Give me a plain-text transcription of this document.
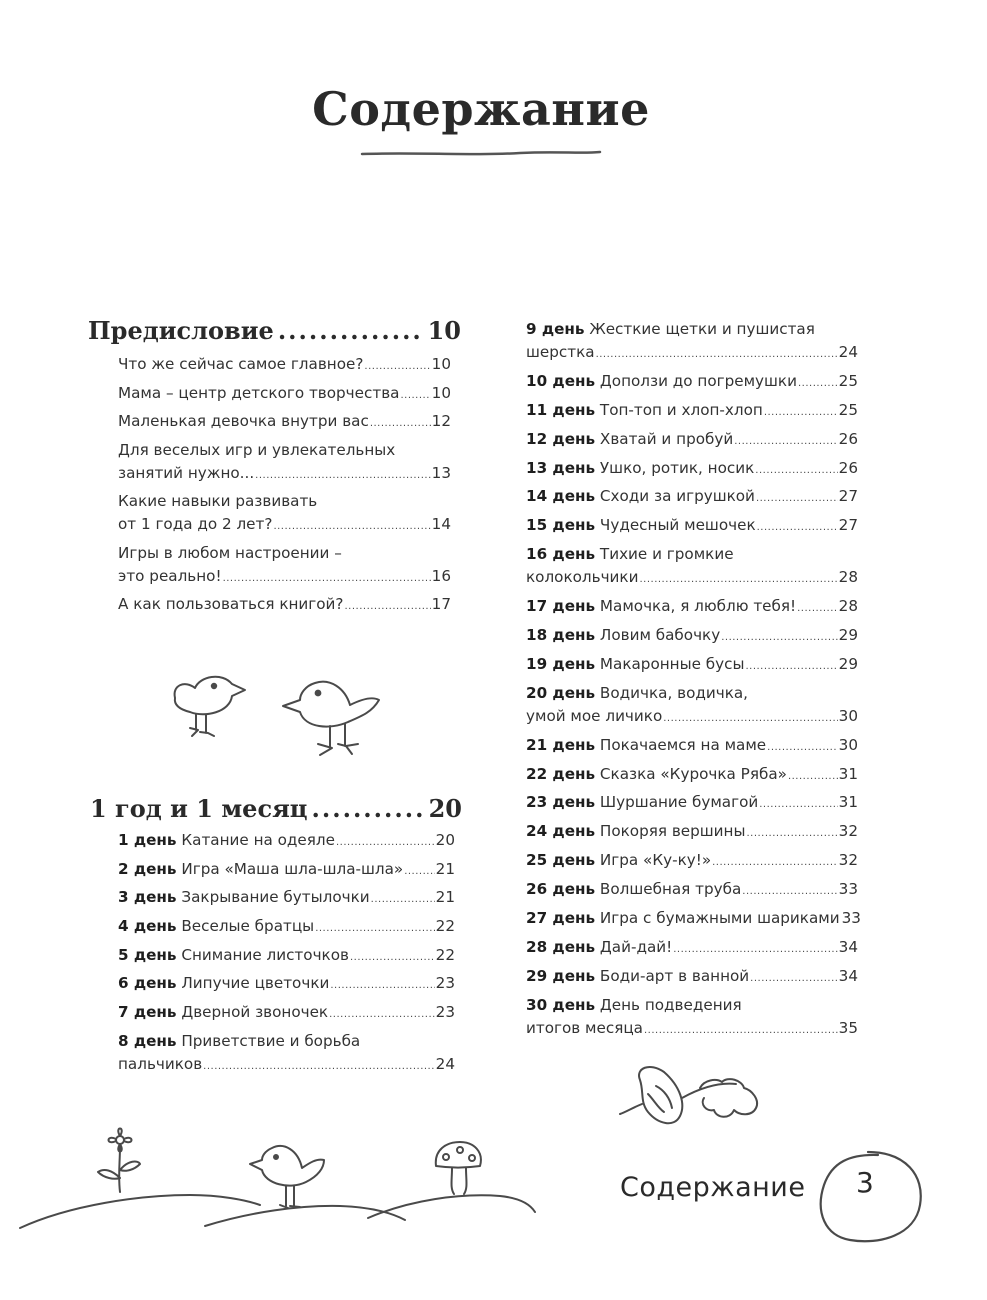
Содержание
Предисловие .....	10
Что же сейчас самое главное? .....	10
Мама – центр детского творчества ..... 10
Маленькая девочка внутри вас .....	12
Для веселых игр и увлекательных
занятий нужно... .....	13
Какие навыки развивать
от 1 года до 2 лет? .....	14
Игры в любом настроении –
это реально! .....	16
А как пользоваться книгой? .....	17
1 год и 1 месяц .....	20
1 день Катание на одеяле .....	20
2 день Игра «Маша шла-шла-шла» ..... 21
3 день Закрывание бутылочки .....	21
4 день Веселые братцы .....	22
5 день Снимание листочков .....	22
6 день Липучие цветочки .....	23
7 день Дверной звоночек .....	23
8 день Приветствие и борьба
пальчиков .....	24
9 день Жесткие щетки и пушистая
шерстка .....	24
10 день Доползи до погремушки .....	25
11 день Топ-топ и хлоп-хлоп .....	25
12 день Хватай и пробуй .....	26
13 день Ушко, ротик, носик .....	26
14 день Сходи за игрушкой .....	27
15 день Чудесный мешочек .....	27
16 день Тихие и громкие
колокольчики .....	28
17 день Мамочка, я люблю тебя! .....	28
18 день Ловим бабочку .....	29
19 день Макаронные бусы .....	29
20 день Водичка, водичка,
умой мое личико .....	30
21 день Покачаемся на маме .....	30
22 день Сказка «Курочка Ряба» .....	31
23 день Шуршание бумагой .....	31
24 день Покоряя вершины .....	32
25 день Игра «Ку-ку!» .....	32
26 день Волшебная труба .....	33
27 день Игра с бумажными шариками 33
28 день Дай-дай! .....	34
29 день Боди-арт в ванной .....	34
30 день День подведения
итогов месяца .....	35
Содержание 3
